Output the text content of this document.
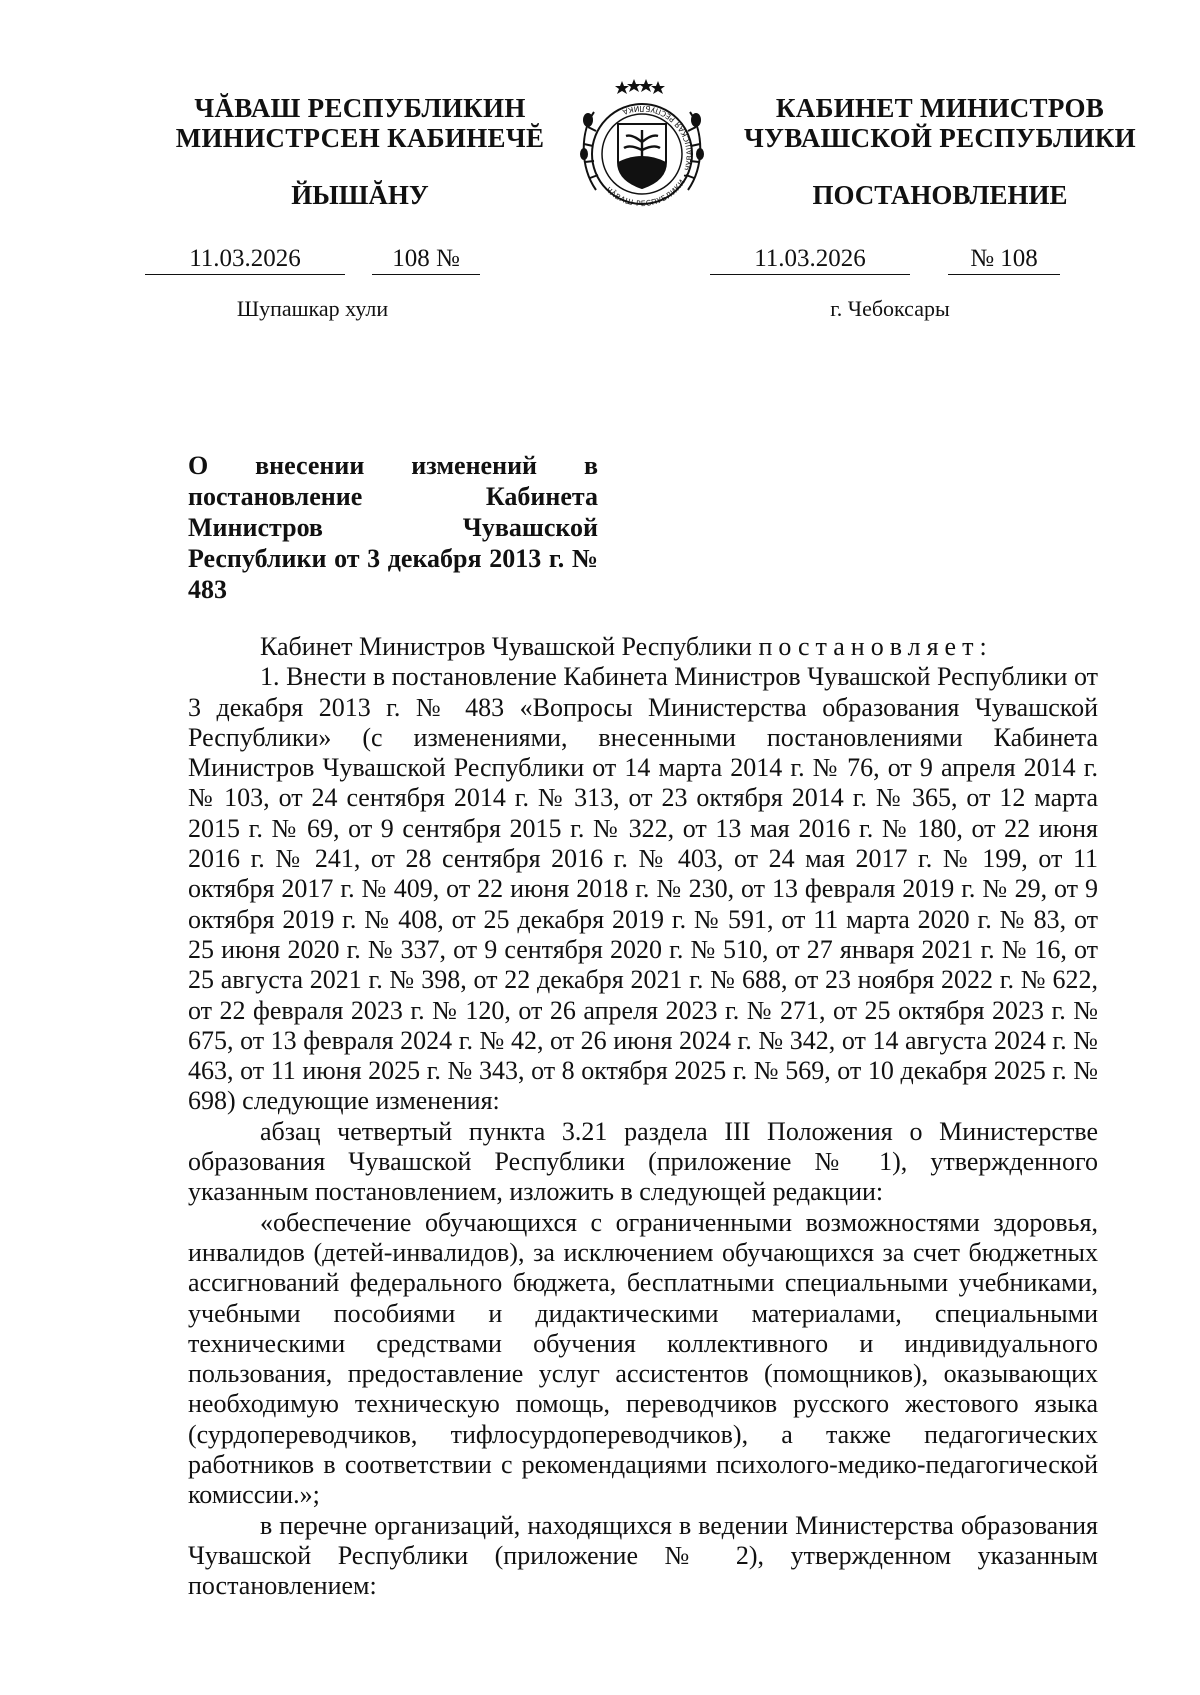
ЧĂВАШ РЕСПУБЛИКИН
МИНИСТРСЕН КАБИНЕЧĔ
ЙЫШĂНУ	ЧĂВАШ РЕСПУБЛИКИ • ЧУВАШСКАЯ РЕСПУБЛИКА	КАБИНЕТ МИНИСТРОВ
ЧУВАШСКОЙ РЕСПУБЛИКИ
ПОСТАНОВЛЕНИЕ
11.03.2026	108 №	11.03.2026	№ 108
Шупашкар хули	г. Чебоксары
О внесении изменений в постановление Кабинета Министров Чувашской Республики от 3 декабря 2013 г. № 483

Кабинет Министров Чувашской Республики постановляет:

1. Внести в постановление Кабинета Министров Чувашской Республики от 3 декабря 2013 г. № 483 «Вопросы Министерства образования Чувашской Республики» (с изменениями, внесенными постановлениями Кабинета Министров Чувашской Республики от 14 марта 2014 г. № 76, от 9 апреля 2014 г. № 103, от 24 сентября 2014 г. № 313, от 23 октября 2014 г. № 365, от 12 марта 2015 г. № 69, от 9 сентября 2015 г. № 322, от 13 мая 2016 г. № 180, от 22 июня 2016 г. № 241, от 28 сентября 2016 г. № 403, от 24 мая 2017 г. № 199, от 11 октября 2017 г. № 409, от 22 июня 2018 г. № 230, от 13 февраля 2019 г. № 29, от 9 октября 2019 г. № 408, от 25 декабря 2019 г. № 591, от 11 марта 2020 г. № 83, от 25 июня 2020 г. № 337, от 9 сентября 2020 г. № 510, от 27 января 2021 г. № 16, от 25 августа 2021 г. № 398, от 22 декабря 2021 г. № 688, от 23 ноября 2022 г. № 622, от 22 февраля 2023 г. № 120, от 26 апреля 2023 г. № 271, от 25 октября 2023 г. № 675, от 13 февраля 2024 г. № 42, от 26 июня 2024 г. № 342, от 14 августа 2024 г. № 463, от 11 июня 2025 г. № 343, от 8 октября 2025 г. № 569, от 10 декабря 2025 г. № 698) следующие изменения:

абзац четвертый пункта 3.21 раздела III Положения о Министерстве образования Чувашской Республики (приложение № 1), утвержденного указанным постановлением, изложить в следующей редакции:

«обеспечение обучающихся с ограниченными возможностями здоровья, инвалидов (детей-инвалидов), за исключением обучающихся за счет бюджетных ассигнований федерального бюджета, бесплатными специальными учебниками, учебными пособиями и дидактическими материалами, специальными техническими средствами обучения коллективного и индивидуального пользования, предоставление услуг ассистентов (помощников), оказывающих необходимую техническую помощь, переводчиков русского жестового языка (сурдопереводчиков, тифлосурдопереводчиков), а также педагогических работников в соответствии с рекомендациями психолого-медико-педагогической комиссии.»;

в перечне организаций, находящихся в ведении Министерства образования Чувашской Республики (приложение № 2), утвержденном указанным постановлением:
